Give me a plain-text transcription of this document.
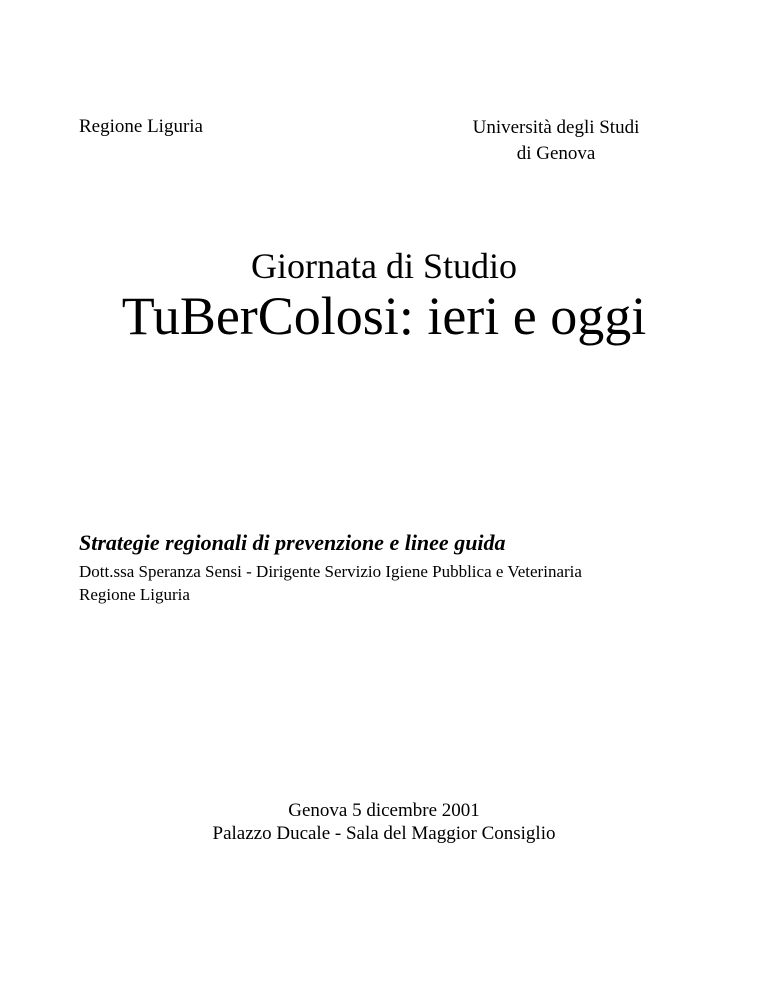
Regione Liguria	Università degli Studi
di Genova
Giornata di Studio
TuBerColosi: ieri e oggi
Strategie regionali di prevenzione e linee guida
Dott.ssa Speranza Sensi - Dirigente Servizio Igiene Pubblica e Veterinaria
Regione Liguria
Genova 5 dicembre 2001
Palazzo Ducale - Sala del Maggior Consiglio
